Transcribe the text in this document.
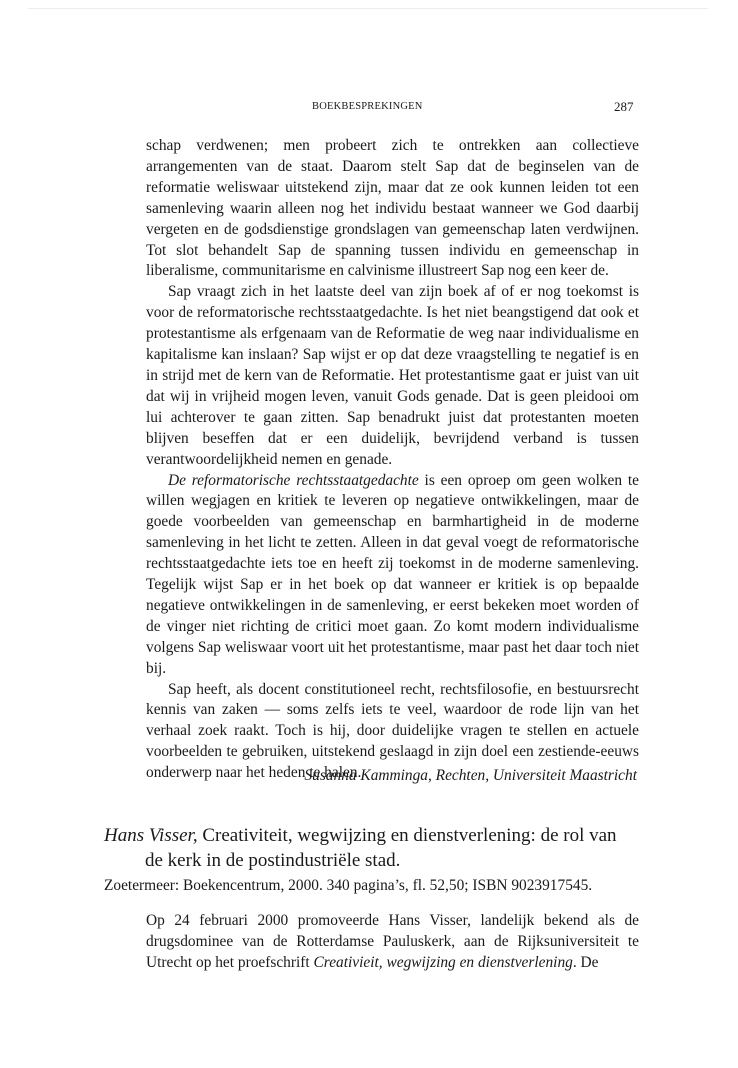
BOEKBESPREKINGEN	287

schap verdwenen; men probeert zich te ontrekken aan collectieve arrangementen van de staat. Daarom stelt Sap dat de beginselen van de reformatie weliswaar uitstekend zijn, maar dat ze ook kunnen leiden tot een samenleving waarin alleen nog het individu bestaat wanneer we God daarbij vergeten en de godsdienstige grondslagen van gemeenschap laten verdwijnen. Tot slot behandelt Sap de spanning tussen individu en gemeenschap in liberalisme, communitarisme en calvinisme illustreert Sap nog een keer de.

Sap vraagt zich in het laatste deel van zijn boek af of er nog toekomst is voor de reformatorische rechtsstaatgedachte. Is het niet beangstigend dat ook et protestantisme als erfgenaam van de Reformatie de weg naar individualisme en kapitalisme kan inslaan? Sap wijst er op dat deze vraagstelling te negatief is en in strijd met de kern van de Reformatie. Het protestantisme gaat er juist van uit dat wij in vrijheid mogen leven, vanuit Gods genade. Dat is geen pleidooi om lui achterover te gaan zitten. Sap benadrukt juist dat protestanten moeten blijven beseffen dat er een duidelijk, bevrijdend verband is tussen verantwoordelijkheid nemen en genade.

De reformatorische rechtsstaatgedachte is een oproep om geen wolken te willen wegjagen en kritiek te leveren op negatieve ontwikkelingen, maar de goede voorbeelden van gemeenschap en barmhartigheid in de moderne samenleving in het licht te zetten. Alleen in dat geval voegt de reformatorische rechtsstaatgedachte iets toe en heeft zij toekomst in de moderne samenleving. Tegelijk wijst Sap er in het boek op dat wanneer er kritiek is op bepaalde negatieve ontwikkelingen in de samenleving, er eerst bekeken moet worden of de vinger niet richting de critici moet gaan. Zo komt modern individualisme volgens Sap weliswaar voort uit het protestantisme, maar past het daar toch niet bij.

Sap heeft, als docent constitutioneel recht, rechtsfilosofie, en bestuursrecht kennis van zaken — soms zelfs iets te veel, waardoor de rode lijn van het verhaal zoek raakt. Toch is hij, door duidelijke vragen te stellen en actuele voorbeelden te gebruiken, uitstekend geslaagd in zijn doel een zestiende-eeuws onderwerp naar het heden te halen.

Susanna Kamminga, Rechten, Universiteit Maastricht
Hans Visser, Creativiteit, wegwijzing en dienstverlening: de rol van
de kerk in de postindustriële stad.
Zoetermeer: Boekencentrum, 2000. 340 pagina’s, fl. 52,50; ISBN 9023917545.

Op 24 februari 2000 promoveerde Hans Visser, landelijk bekend als de drugsdominee van de Rotterdamse Pauluskerk, aan de Rijksuniversiteit te Utrecht op het proefschrift Creativieit, wegwijzing en dienstverlening. De
